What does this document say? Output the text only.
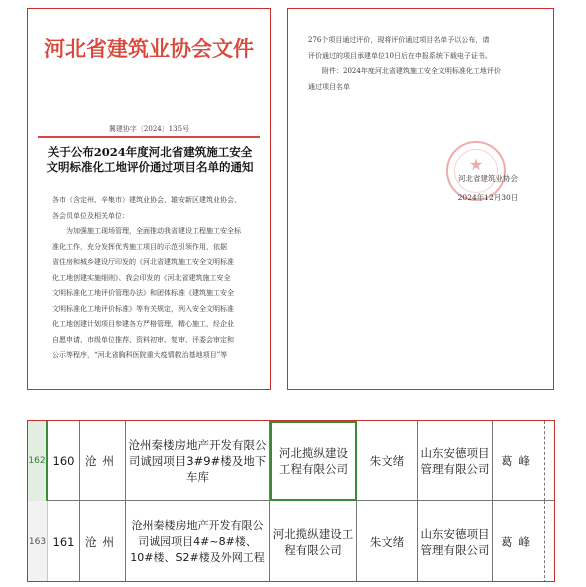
河北省建筑业协会文件
冀建协字〔2024〕135号
关于公布2024年度河北省建筑施工安全
文明标准化工地评价通过项目名单的通知

各市（含定州、辛集市）建筑业协会、雄安新区建筑业协会、

各会员单位及相关单位：

为加强施工现场管理，全面推动我省建设工程施工安全标

准化工作，充分发挥优秀施工项目的示范引领作用，依据

省住房和城乡建设厅印发的《河北省建筑施工安全文明标准

化工地创建实施细则》、我会印发的《河北省建筑施工安全

文明标准化工地评价管理办法》和团体标准《建筑施工安全

文明标准化工地评价标准》等有关规定，列入安全文明标准

化工地创建计划项目参建各方严格管理，精心施工，经企业

自愿申请、市级单位推荐、资料初审、复审、评委会审定和

公示等程序，“河北省胸科医院重大疫情救治基地项目”等

276个项目通过评价，现将评价通过项目名单予以公布，请

评价通过的项目承建单位10日后在申报系统下载电子证书。

附件：2024年度河北省建筑施工安全文明标准化工地评价

通过项目名单

★
河北省建筑业协会
2024年12月30日
162 160 沧州
沧州秦楼房地产开发有限公司诚园项目3#9#楼及地下车库
河北揽纵建设工程有限公司
朱文绪
山东安德项目管理有限公司
葛峰
163 161 沧州
沧州秦楼房地产开发有限公司诚园项目4#~8#楼、10#楼、S2#楼及外网工程
河北揽纵建设工程有限公司
朱文绪
山东安德项目管理有限公司
葛峰
